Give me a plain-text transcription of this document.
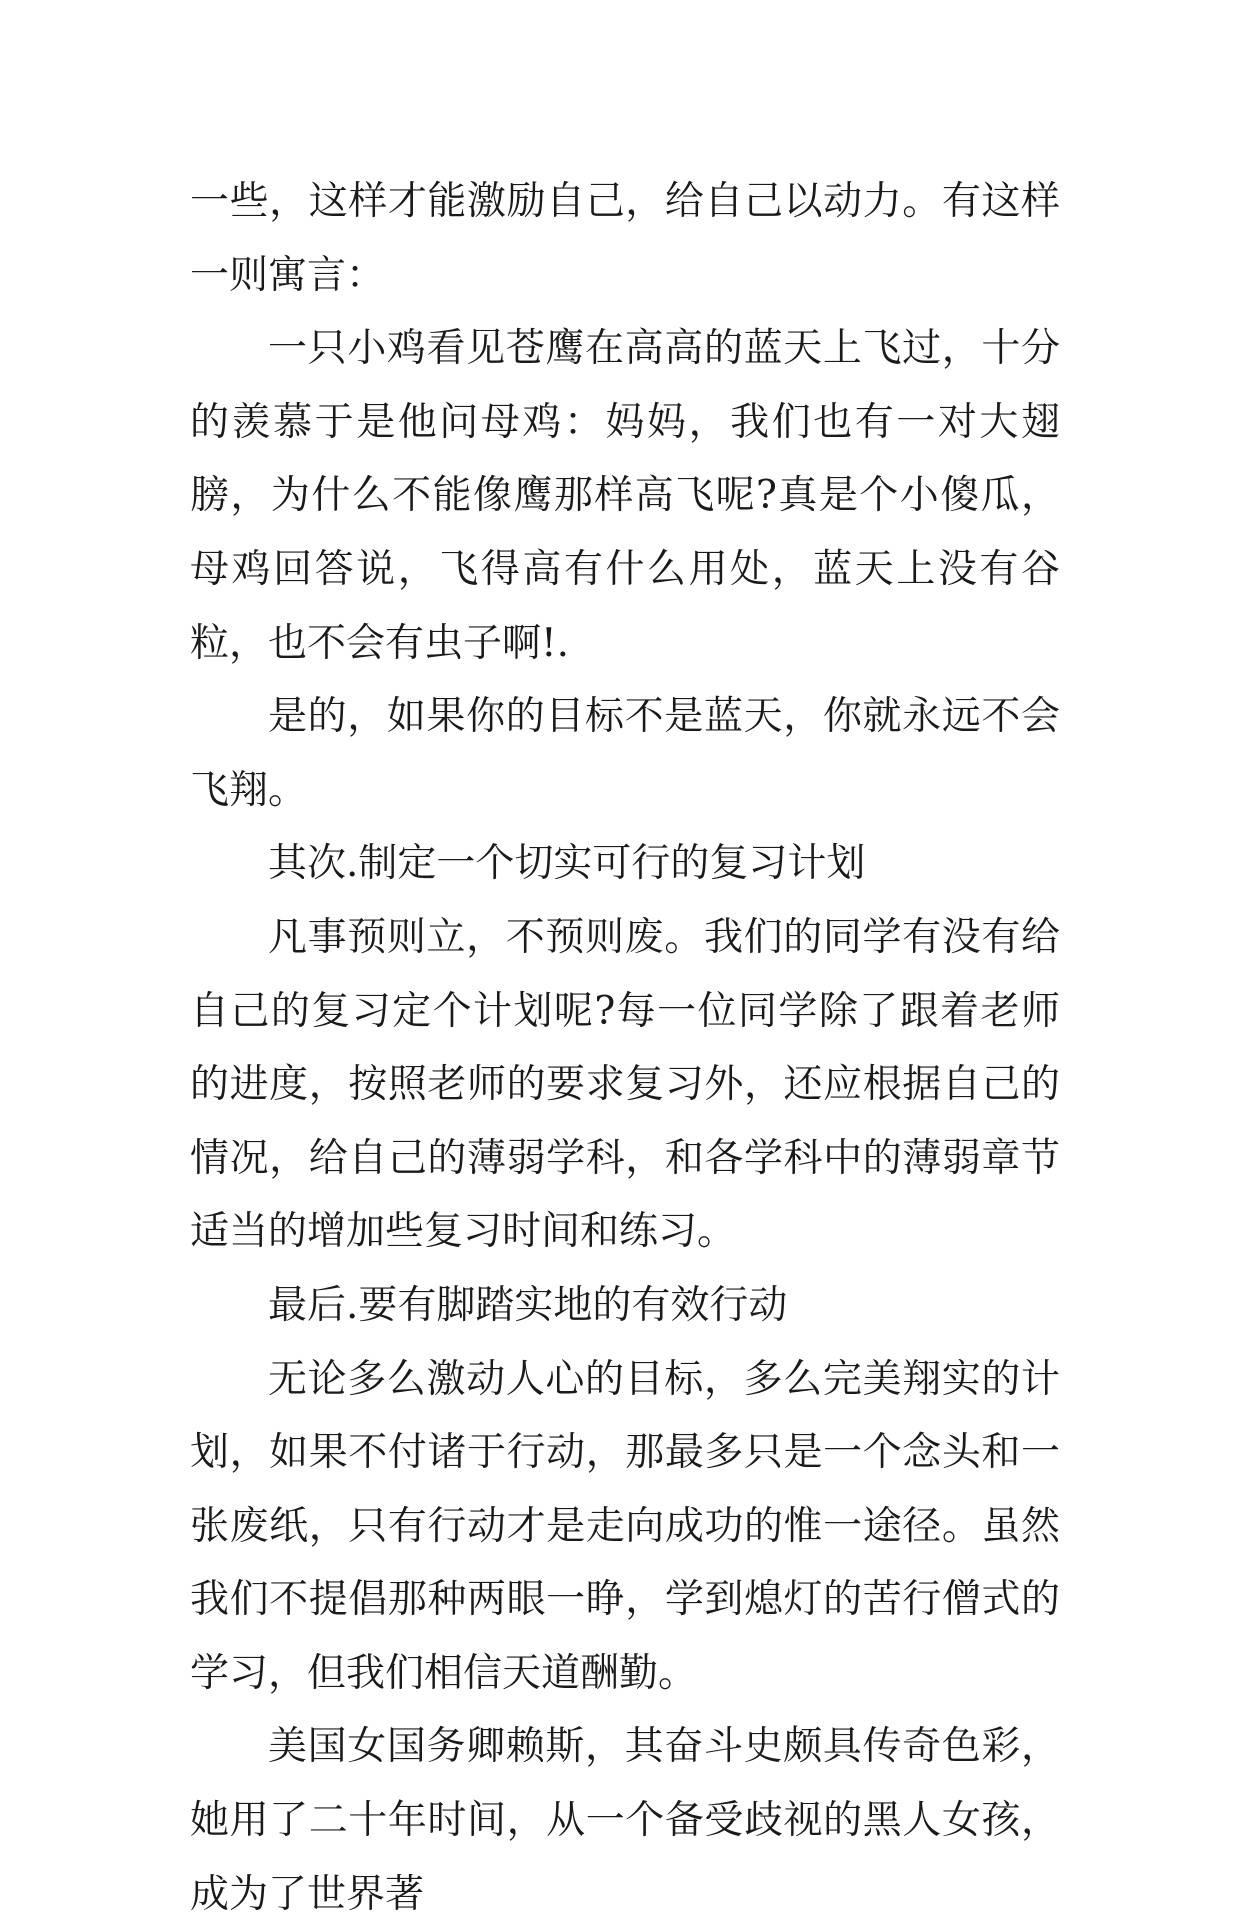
一些，这样才能激励自己，给自己以动力。有这样一则寓言：

一只小鸡看见苍鹰在高高的蓝天上飞过，十分的羡慕于是他问母鸡：妈妈，我们也有一对大翅膀，为什么不能像鹰那样高飞呢?真是个小傻瓜，母鸡回答说，飞得高有什么用处，蓝天上没有谷粒，也不会有虫子啊!.

是的，如果你的目标不是蓝天，你就永远不会飞翔。

其次.制定一个切实可行的复习计划

凡事预则立，不预则废。我们的同学有没有给自己的复习定个计划呢?每一位同学除了跟着老师的进度，按照老师的要求复习外，还应根据自己的情况，给自己的薄弱学科，和各学科中的薄弱章节适当的增加些复习时间和练习。

最后.要有脚踏实地的有效行动

无论多么激动人心的目标，多么完美翔实的计划，如果不付诸于行动，那最多只是一个念头和一张废纸，只有行动才是走向成功的惟一途径。虽然我们不提倡那种两眼一睁，学到熄灯的苦行僧式的学习，但我们相信天道酬勤。

美国女国务卿赖斯，其奋斗史颇具传奇色彩，她用了二十年时间，从一个备受歧视的黑人女孩，成为了世界著
